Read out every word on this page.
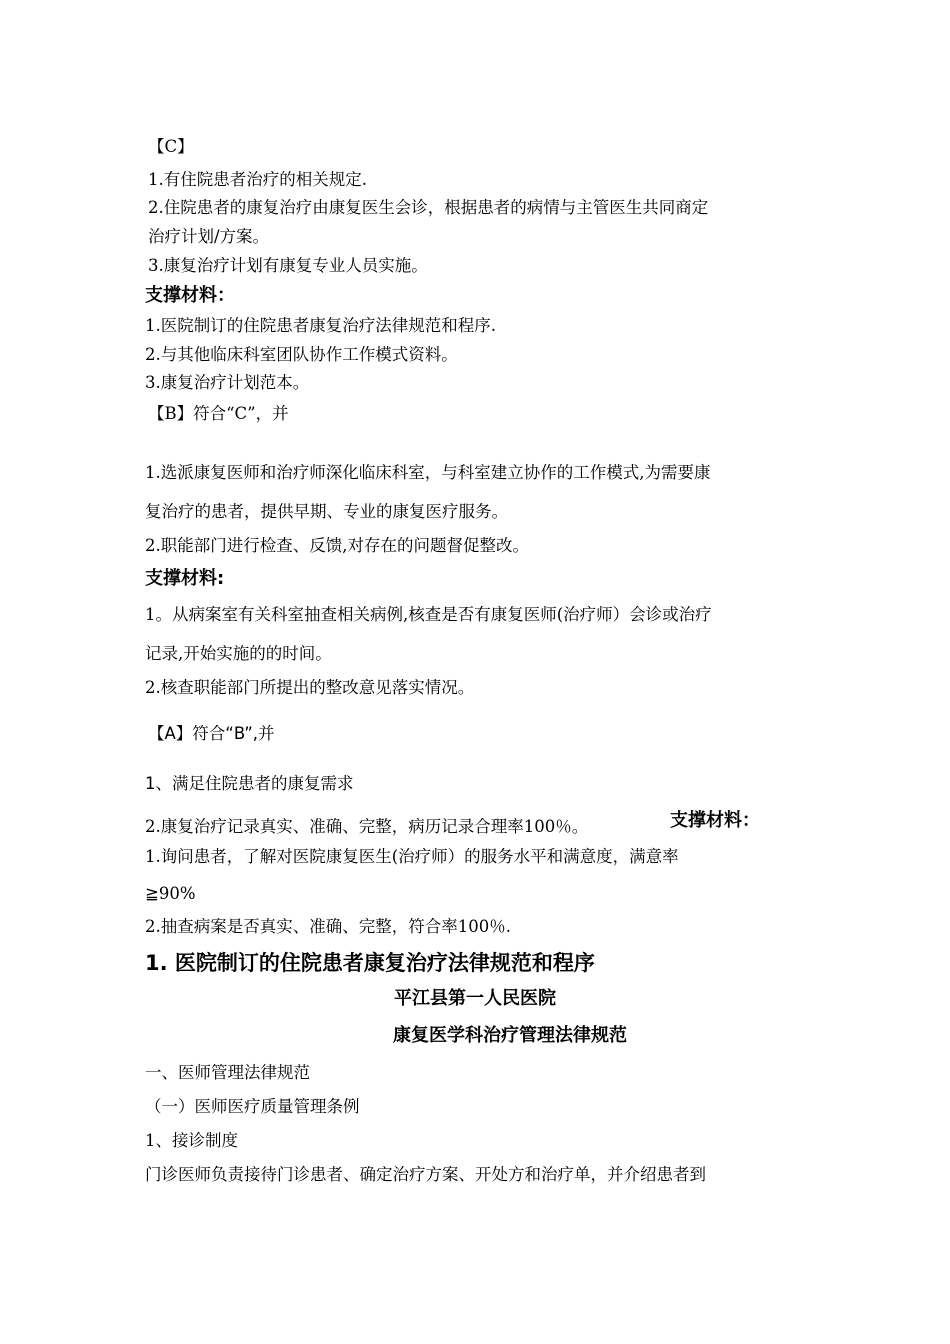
【C】

1.有住院患者治疗的相关规定.

2.住院患者的康复治疗由康复医生会诊，根据患者的病情与主管医生共同商定

治疗计划/方案。

3.康复治疗计划有康复专业人员实施。

支撑材料：

1.医院制订的住院患者康复治疗法律规范和程序.

2.与其他临床科室团队协作工作模式资料。

3.康复治疗计划范本。

【B】符合“C”，并

1.选派康复医师和治疗师深化临床科室，与科室建立协作的工作模式,为需要康

复治疗的患者，提供早期、专业的康复医疗服务。

2.职能部门进行检查、反馈,对存在的问题督促整改。

支撑材料:

1。从病案室有关科室抽查相关病例,核查是否有康复医师(治疗师）会诊或治疗

记录,开始实施的的时间。

2.核查职能部门所提出的整改意见落实情况。

【A】符合“B”,并

1、满足住院患者的康复需求

2.康复治疗记录真实、准确、完整，病历记录合理率100％。	支撑材料：

1.询问患者，了解对医院康复医生(治疗师）的服务水平和满意度，满意率

≧90%

2.抽查病案是否真实、准确、完整，符合率100％.

1. 医院制订的住院患者康复治疗法律规范和程序

平江县第一人民医院

康复医学科治疗管理法律规范

一、医师管理法律规范

（一）医师医疗质量管理条例

1、接诊制度

门诊医师负责接待门诊患者、确定治疗方案、开处方和治疗单，并介绍患者到
